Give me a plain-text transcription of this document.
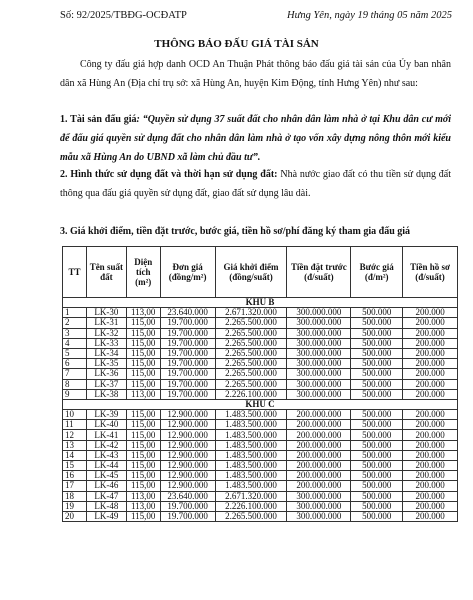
Số: 92/2025/TBĐG-OCĐATP	Hưng Yên, ngày 19 tháng 05 năm 2025
THÔNG BÁO ĐẤU GIÁ TÀI SẢN
Công ty đấu giá hợp danh OCD An Thuận Phát thông báo đấu giá tài sản của Ủy ban nhân dân xã Hùng An (Địa chỉ trụ sở: xã Hùng An, huyện Kim Động, tỉnh Hưng Yên) như sau:
1. Tài sản đấu giá: “Quyền sử dụng 37 suất đất cho nhân dân làm nhà ở tại Khu dân cư mới để đấu giá quyền sử dụng đất cho nhân dân làm nhà ở tạo vốn xây dựng nông thôn mới kiểu mẫu xã Hùng An do UBND xã làm chủ đầu tư”.
2. Hình thức sử dụng đất và thời hạn sử dụng đất: Nhà nước giao đất có thu tiền sử dụng đất thông qua đấu giá quyền sử dụng đất, giao đất sử dụng lâu dài.
3. Giá khởi điểm, tiền đặt trước, bước giá, tiền hồ sơ/phí đăng ký tham gia đấu giá
TT	Tên suất đất	Diện tích (m²)	Đơn giá (đồng/m²)	Giá khởi điểm (đồng/suất)	Tiền đặt trước (đ/suất)	Bước giá (đ/m²)	Tiền hồ sơ (đ/suất)
KHU B							
1	LK-30	113,00	23.640.000	2.671.320.000	300.000.000	500.000	200.000
2	LK-31	115,00	19.700.000	2.265.500.000	300.000.000	500.000	200.000
3	LK-32	115,00	19.700.000	2.265.500.000	300.000.000	500.000	200.000
4	LK-33	115,00	19.700.000	2.265.500.000	300.000.000	500.000	200.000
5	LK-34	115,00	19.700.000	2.265.500.000	300.000.000	500.000	200.000
6	LK-35	115,00	19.700.000	2.265.500.000	300.000.000	500.000	200.000
7	LK-36	115,00	19.700.000	2.265.500.000	300.000.000	500.000	200.000
8	LK-37	115,00	19.700.000	2.265.500.000	300.000.000	500.000	200.000
9	LK-38	113,00	19.700.000	2.226.100.000	300.000.000	500.000	200.000
KHU C							
10	LK-39	115,00	12.900.000	1.483.500.000	200.000.000	500.000	200.000
11	LK-40	115,00	12.900.000	1.483.500.000	200.000.000	500.000	200.000
12	LK-41	115,00	12.900.000	1.483.500.000	200.000.000	500.000	200.000
13	LK-42	115,00	12.900.000	1.483.500.000	200.000.000	500.000	200.000
14	LK-43	115,00	12.900.000	1.483.500.000	200.000.000	500.000	200.000
15	LK-44	115,00	12.900.000	1.483.500.000	200.000.000	500.000	200.000
16	LK-45	115,00	12.900.000	1.483.500.000	200.000.000	500.000	200.000
17	LK-46	115,00	12.900.000	1.483.500.000	200.000.000	500.000	200.000
18	LK-47	113,00	23.640.000	2.671.320.000	300.000.000	500.000	200.000
19	LK-48	113,00	19.700.000	2.226.100.000	300.000.000	500.000	200.000
20	LK-49	115,00	19.700.000	2.265.500.000	300.000.000	500.000	200.000
